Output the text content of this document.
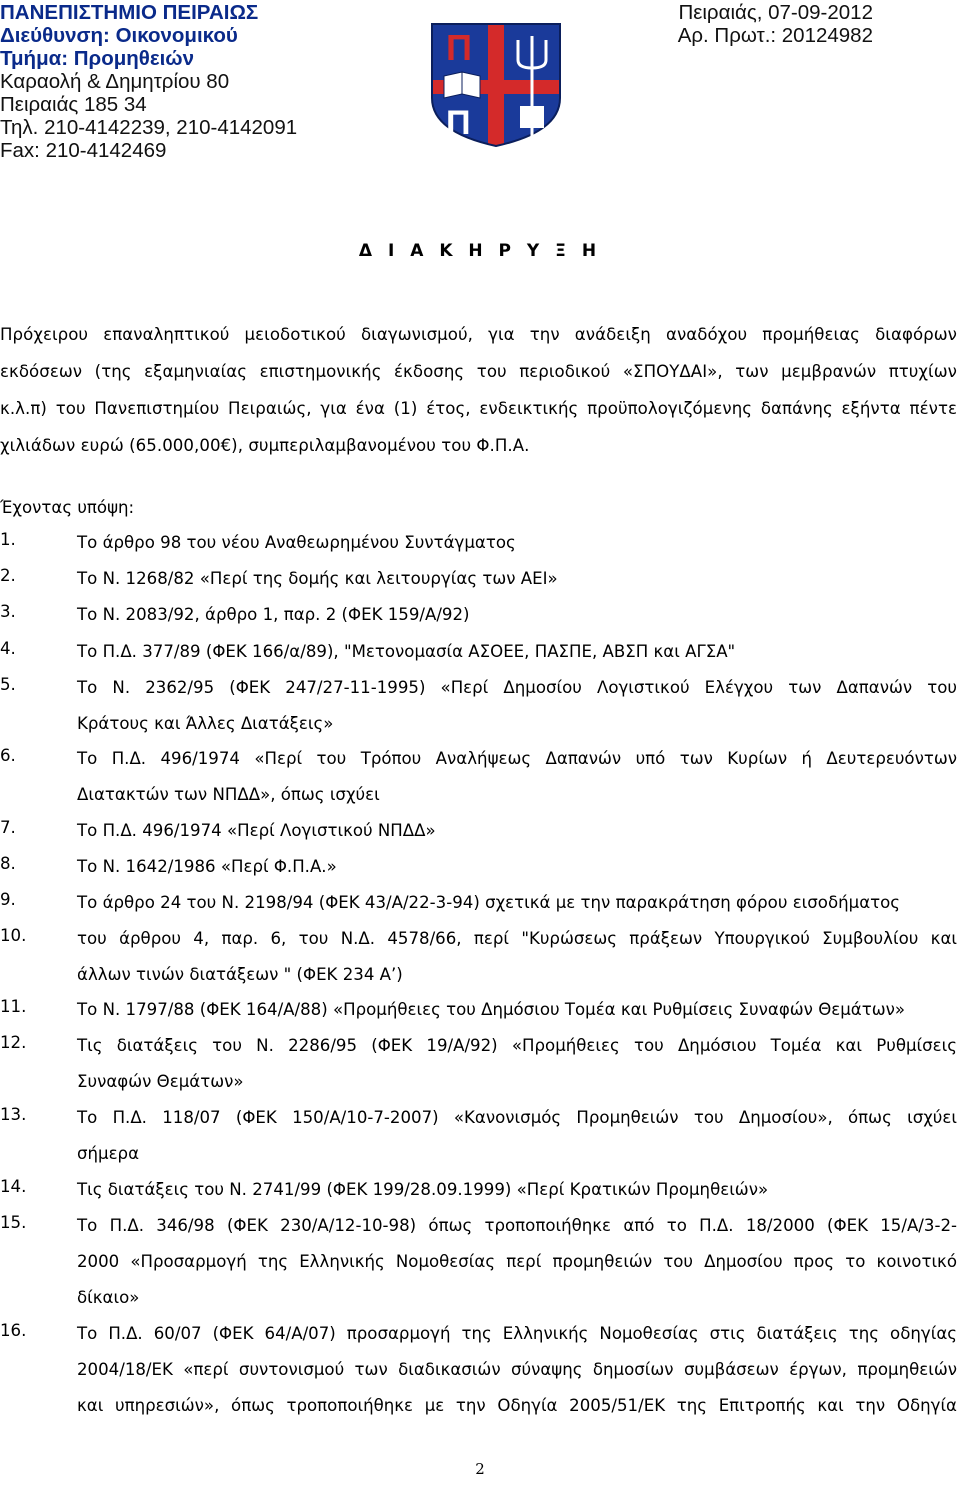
ΠΑΝΕΠΙΣΤΗΜΙΟ ΠΕΙΡΑΙΩΣ
Διεύθυνση: Οικονομικού
Τμήμα: Προμηθειών
Καραολή & Δημητρίου 80
Πειραιάς 185 34
Τηλ. 210-4142239, 210-4142091
Fax: 210-4142469
Πειραιάς, 07-09-2012
Αρ. Πρωτ.: 20124982
Π
Π
Δ Ι Α Κ Η Ρ Υ Ξ Η
Πρόχειρου επαναληπτικού μειοδοτικού διαγωνισμού, για την ανάδειξη αναδόχου προμήθειας διαφόρων
εκδόσεων (της εξαμηνιαίας επιστημονικής έκδοσης του περιοδικού «ΣΠΟΥΔΑΙ», των μεμβρανών πτυχίων
κ.λ.π) του Πανεπιστημίου Πειραιώς, για ένα (1) έτος, ενδεικτικής προϋπολογιζόμενης δαπάνης εξήντα πέντε
χιλιάδων ευρώ (65.000,00€), συμπεριλαμβανομένου του Φ.Π.Α.
Έχοντας υπόψη:
1.	Το άρθρο 98 του νέου Αναθεωρημένου Συντάγματος
2.	Το Ν. 1268/82 «Περί της δομής και λειτουργίας των ΑΕΙ»
3.	Το Ν. 2083/92, άρθρο 1, παρ. 2 (ΦΕΚ 159/Α/92)
4.	Το Π.Δ. 377/89 (ΦΕΚ 166/α/89), "Μετονομασία ΑΣΟΕΕ, ΠΑΣΠΕ, ΑΒΣΠ και ΑΓΣΑ"
5.	Το Ν. 2362/95 (ΦΕΚ 247/27-11-1995) «Περί Δημοσίου Λογιστικού Ελέγχου των Δαπανών του
Κράτους και Άλλες Διατάξεις»
6.	Το Π.Δ. 496/1974 «Περί του Τρόπου Αναλήψεως Δαπανών υπό των Κυρίων ή Δευτερευόντων
Διατακτών των ΝΠΔΔ», όπως ισχύει
7.	Το Π.Δ. 496/1974 «Περί Λογιστικού ΝΠΔΔ»
8.	Το Ν. 1642/1986 «Περί Φ.Π.Α.»
9.	Το άρθρο 24 του Ν. 2198/94 (ΦΕΚ 43/Α/22-3-94) σχετικά με την παρακράτηση φόρου εισοδήματος
10.	του άρθρου 4, παρ. 6, του Ν.Δ. 4578/66, περί "Κυρώσεως πράξεων Υπουργικού Συμβουλίου και
άλλων τινών διατάξεων " (ΦΕΚ 234 Α’)
11.	Το Ν. 1797/88 (ΦΕΚ 164/Α/88) «Προμήθειες του Δημόσιου Τομέα και Ρυθμίσεις Συναφών Θεμάτων»
12.	Τις διατάξεις του Ν. 2286/95 (ΦΕΚ 19/Α/92) «Προμήθειες του Δημόσιου Τομέα και Ρυθμίσεις
Συναφών Θεμάτων»
13.	Το Π.Δ. 118/07 (ΦΕΚ 150/Α/10-7-2007) «Κανονισμός Προμηθειών του Δημοσίου», όπως ισχύει
σήμερα
14.	Τις διατάξεις του Ν. 2741/99 (ΦΕΚ 199/28.09.1999) «Περί Κρατικών Προμηθειών»
15.	Το Π.Δ. 346/98 (ΦΕΚ 230/Α/12-10-98) όπως τροποποιήθηκε από το Π.Δ. 18/2000 (ΦΕΚ 15/Α/3-2-
2000 «Προσαρμογή της Ελληνικής Νομοθεσίας περί προμηθειών του Δημοσίου προς το κοινοτικό
δίκαιο»
16.	Το Π.Δ. 60/07 (ΦΕΚ 64/Α/07) προσαρμογή της Ελληνικής Νομοθεσίας στις διατάξεις της οδηγίας
2004/18/ΕΚ «περί συντονισμού των διαδικασιών σύναψης δημοσίων συμβάσεων έργων, προμηθειών
και υπηρεσιών», όπως τροποποιήθηκε με την Οδηγία 2005/51/ΕΚ της Επιτροπής και την Οδηγία
2
